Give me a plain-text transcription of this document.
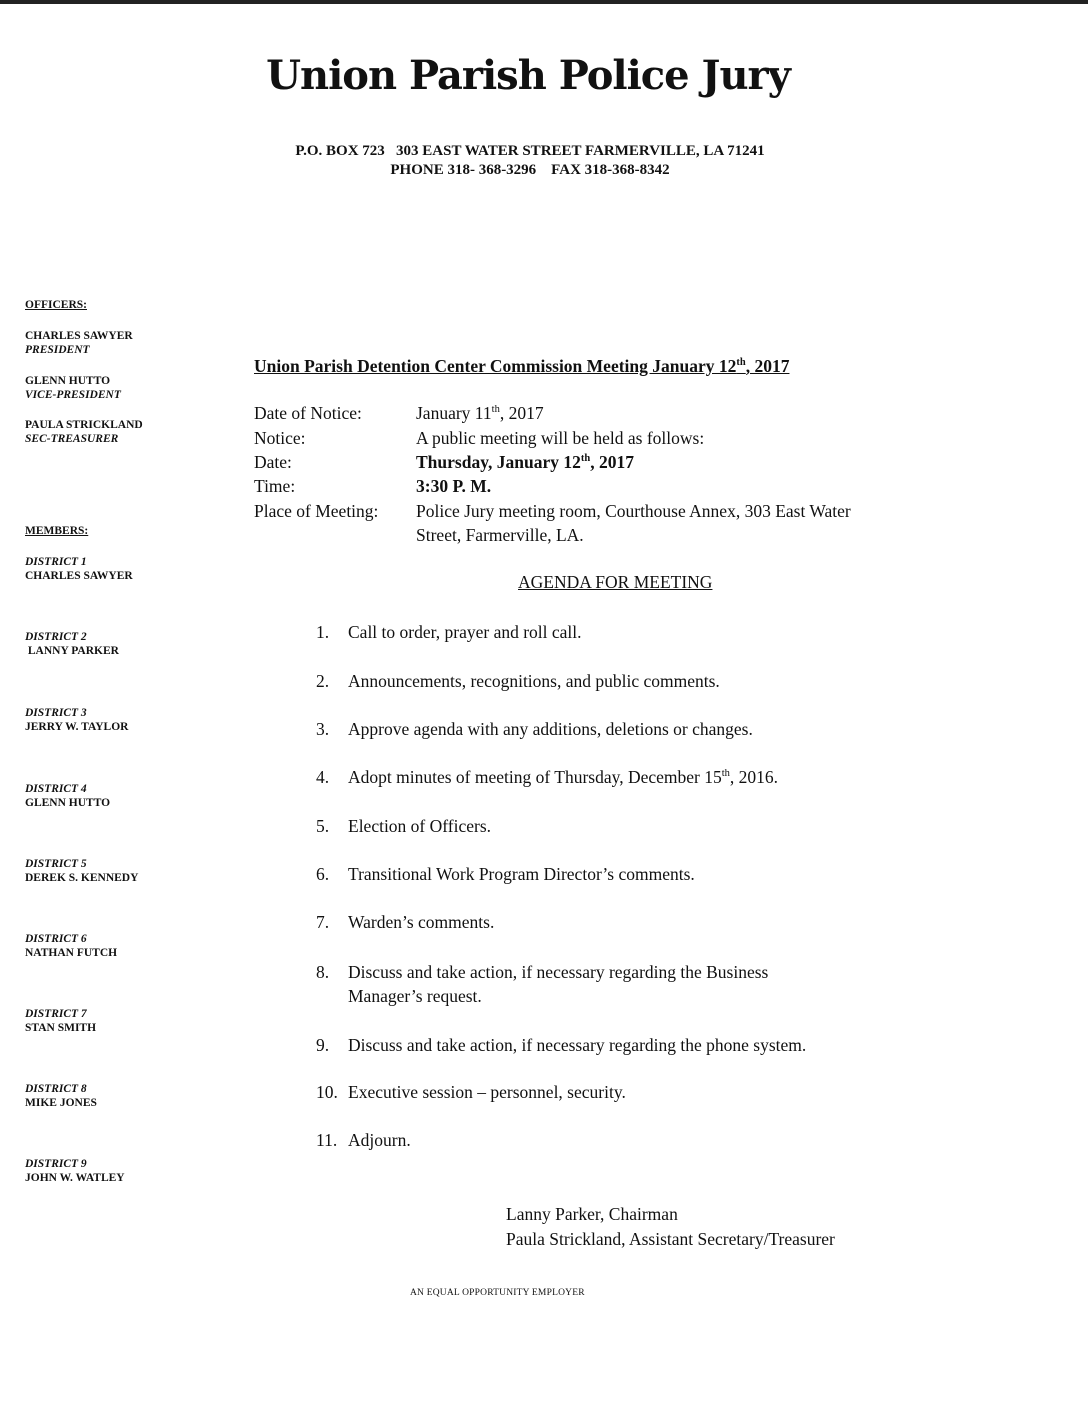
Union Parish Police Jury
P.O. BOX 723   303 EAST WATER STREET FARMERVILLE, LA 71241
PHONE 318- 368-3296    FAX 318-368-8342
OFFICERS:
CHARLES SAWYER
PRESIDENT
GLENN HUTTO
VICE-PRESIDENT
PAULA STRICKLAND
SEC-TREASURER
MEMBERS:
DISTRICT 1
CHARLES SAWYER
DISTRICT 2
LANNY PARKER
DISTRICT 3
JERRY W. TAYLOR
DISTRICT 4
GLENN HUTTO
DISTRICT 5
DEREK S. KENNEDY
DISTRICT 6
NATHAN FUTCH
DISTRICT 7
STAN SMITH
DISTRICT 8
MIKE JONES
DISTRICT 9
JOHN W. WATLEY
Union Parish Detention Center Commission Meeting January 12th, 2017
Date of Notice:	January 11th, 2017
Notice:	A public meeting will be held as follows:
Date:	Thursday, January 12th, 2017
Time:	3:30 P. M.
Place of Meeting: Police Jury meeting room, Courthouse Annex, 303 East Water
Street, Farmerville, LA.
AGENDA FOR MEETING
1. Call to order, prayer and roll call.
2. Announcements, recognitions, and public comments.
3. Approve agenda with any additions, deletions or changes.
4. Adopt minutes of meeting of Thursday, December 15th, 2016.
5. Election of Officers.
6. Transitional Work Program Director’s comments.
7. Warden’s comments.
8. Discuss and take action, if necessary regarding the Business
Manager’s request.
9. Discuss and take action, if necessary regarding the phone system.
10. Executive session – personnel, security.
11. Adjourn.
Lanny Parker, Chairman
Paula Strickland, Assistant Secretary/Treasurer
AN EQUAL OPPORTUNITY EMPLOYER
